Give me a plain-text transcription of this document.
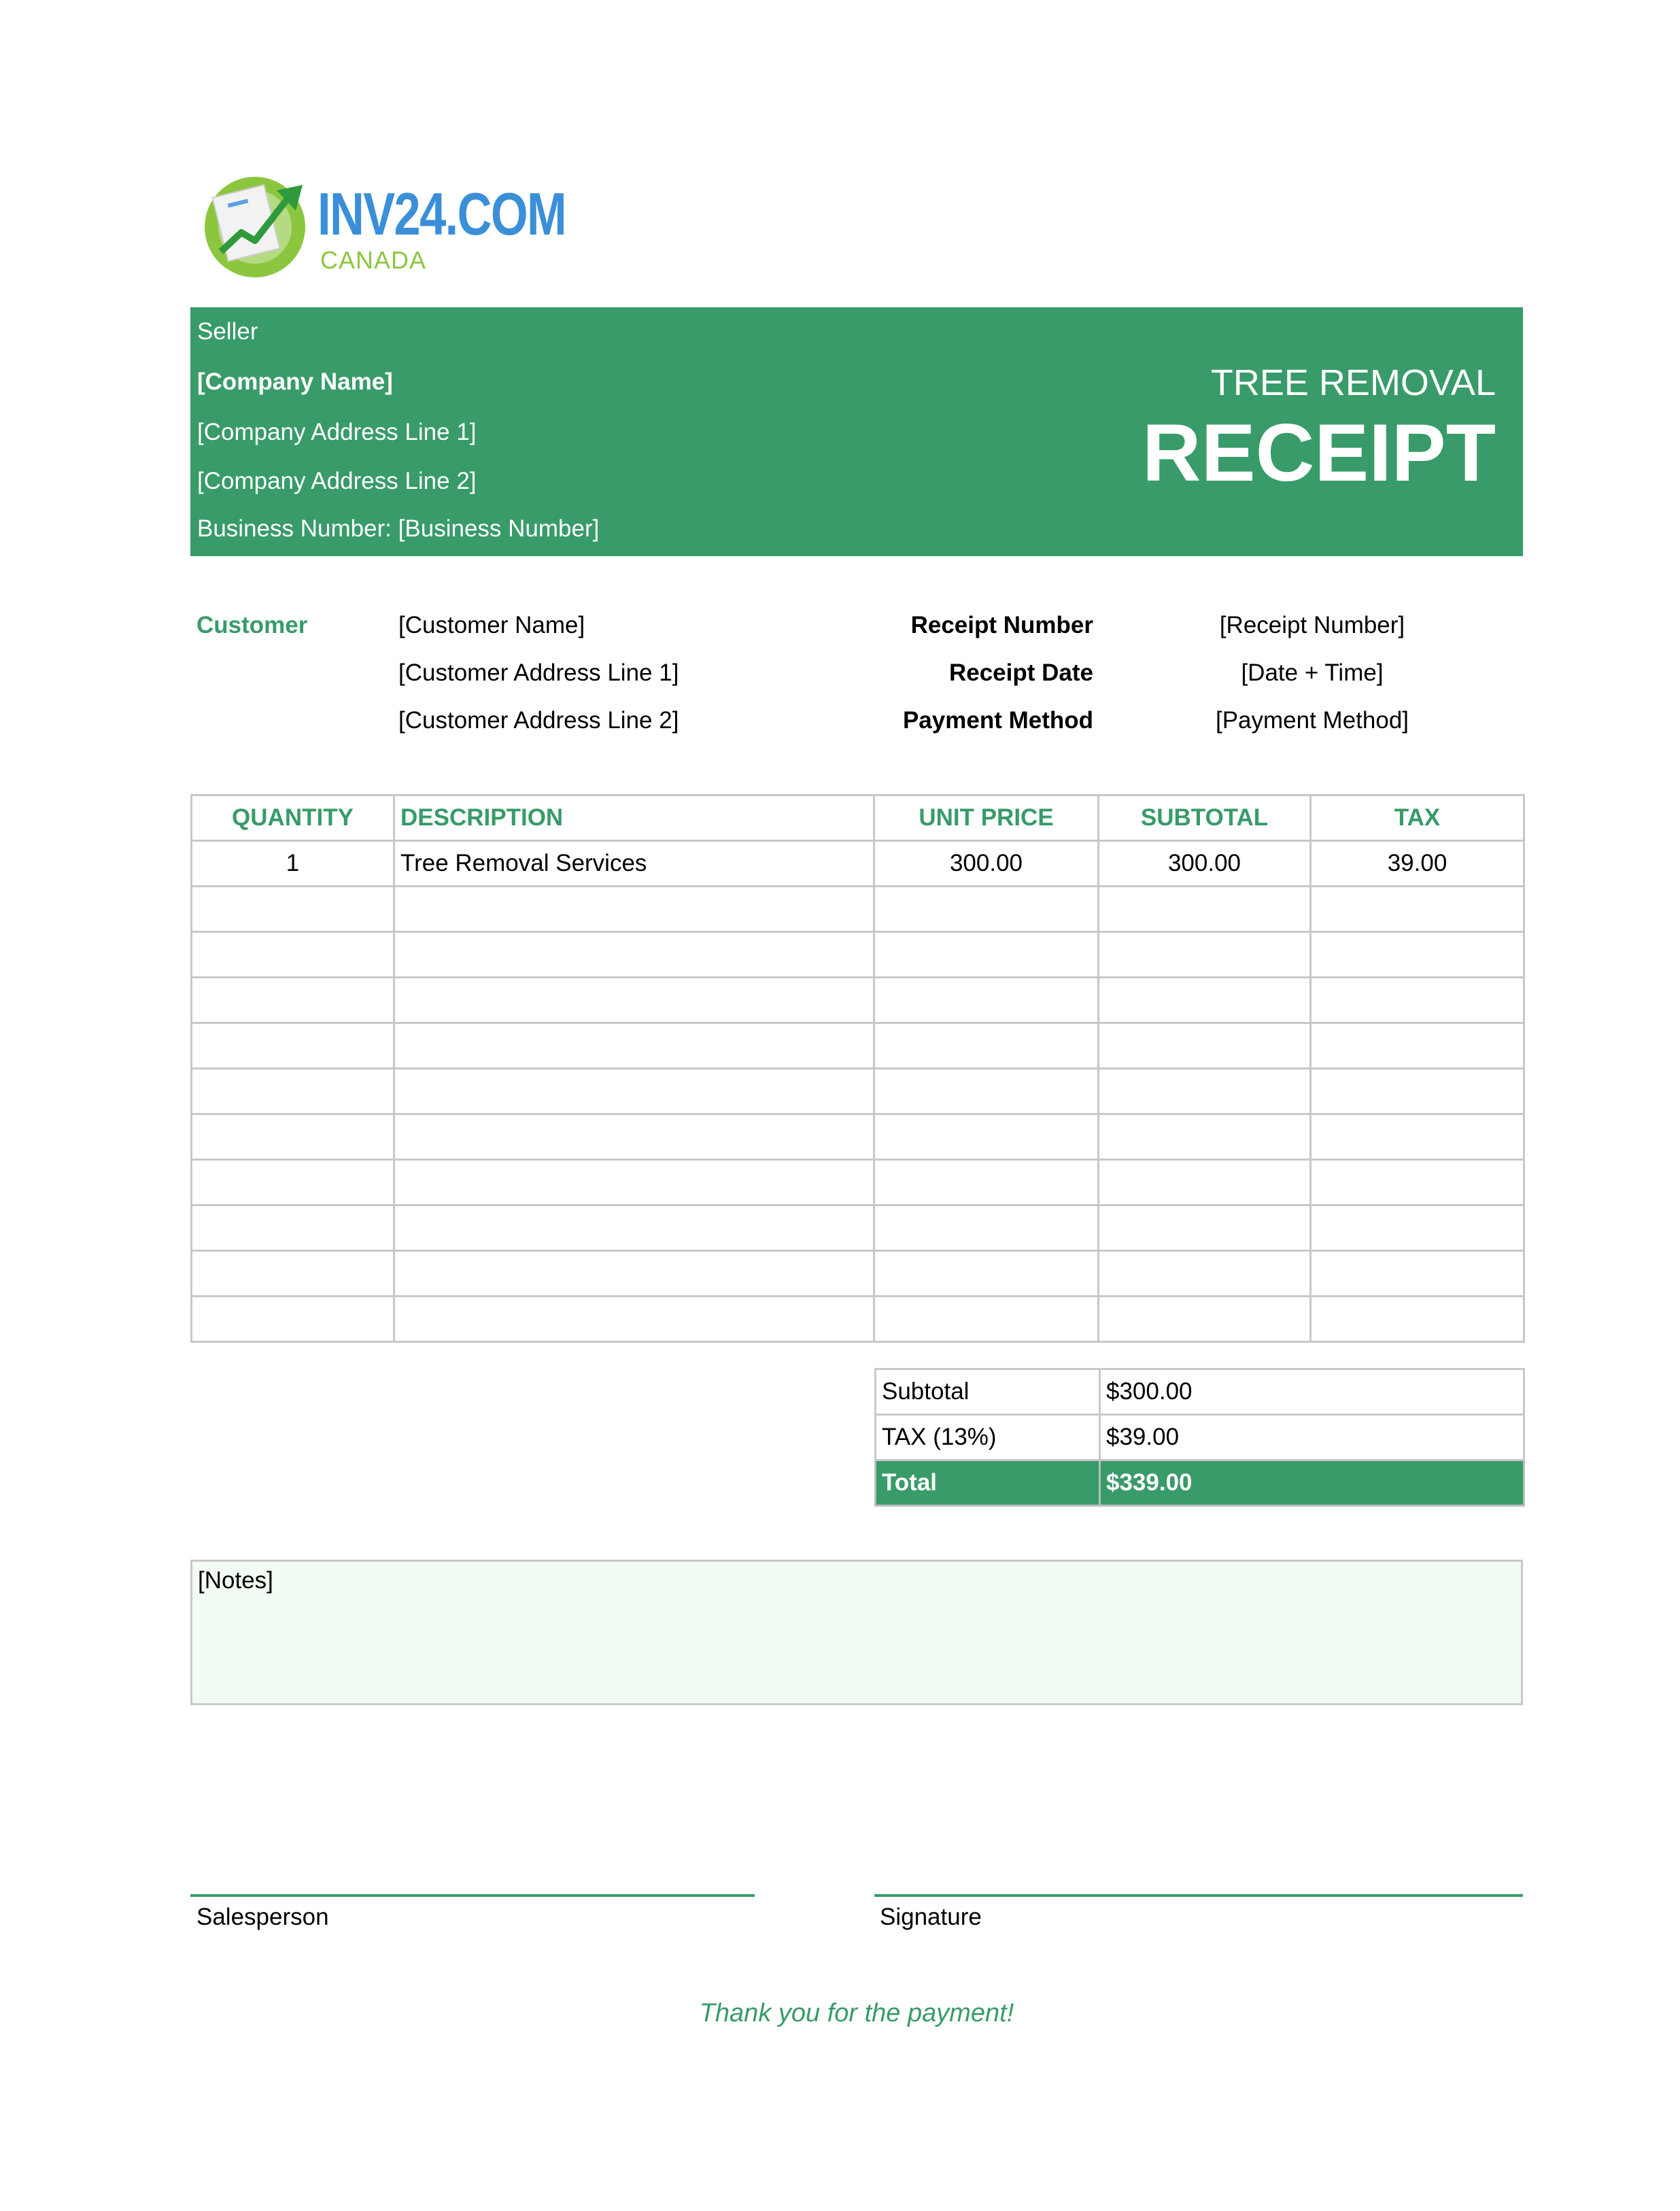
INV24.COM
CANADA
Seller
[Company Name]
[Company Address Line 1]
[Company Address Line 2]
Business Number: [Business Number]
TREE REMOVAL
RECEIPT
Customer	[Customer Name]
[Customer Address Line 1]
[Customer Address Line 2]
Receipt Number	[Receipt Number]
Receipt Date	[Date + Time]
Payment Method	[Payment Method]
QUANTITY	DESCRIPTION	UNIT PRICE	SUBTOTAL	TAX
1	Tree Removal Services	300.00	300.00	39.00

Subtotal	$300.00
TAX (13%)	$39.00
Total	$339.00
[Notes]
Salesperson	Signature
Thank you for the payment!
